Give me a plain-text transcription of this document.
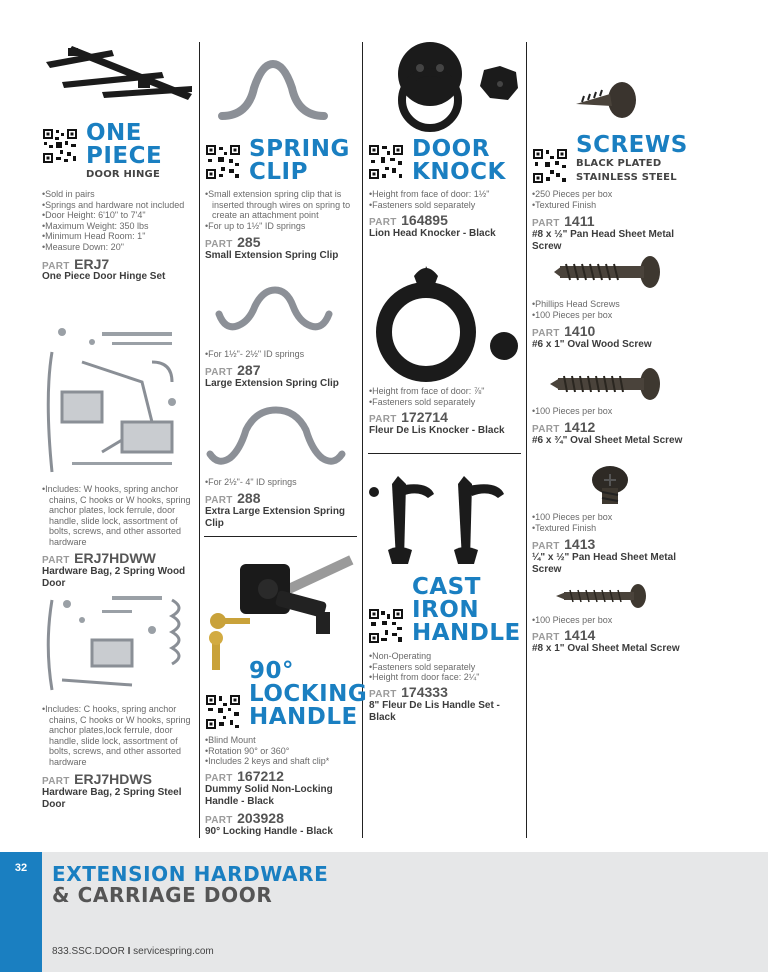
ONE
PIECE
DOOR HINGE
• Sold in pairs
• Springs and hardware not included
• Door Height: 6'10" to 7'4"
• Maximum Weight: 350 lbs
• Minimum Head Room: 1"
• Measure Down: 20"
PART ERJ7
One Piece Door Hinge Set
• Includes: W hooks, spring anchor chains, C hooks or W hooks, spring anchor plates, lock ferrule, door handle, slide lock, assortment of bolts, screws, and other assorted hardware
PART ERJ7HDWW
Hardware Bag, 2 Spring Wood Door
• Includes: C hooks, spring anchor chains, C hooks or W hooks, spring anchor plates,lock ferrule, door handle, slide lock, assortment of bolts, screws, and other assorted hardware
PART ERJ7HDWS
Hardware Bag, 2 Spring Steel Door
SPRING
CLIP
• Small extension spring clip that is inserted through wires on spring to create an attachment point
• For up to 1½" ID springs
PART 285
Small Extension Spring Clip
• For 1½"- 2½" ID springs
PART 287
Large Extension Spring Clip
• For 2½"- 4" ID springs
PART 288
Extra Large Extension Spring Clip
90°
LOCKING
HANDLE
• Blind Mount
• Rotation 90° or 360°
• Includes 2 keys and shaft clip*
PART 167212
Dummy Solid Non-Locking Handle - Black
PART 203928
90° Locking Handle - Black
DOOR
KNOCK
• Height from face of door: 1½"
• Fasteners sold separately
PART 164895
Lion Head Knocker - Black
• Height from face of door: ⅞"
• Fasteners sold separately
PART 172714
Fleur De Lis Knocker - Black
CAST
IRON
HANDLE
• Non-Operating
• Fasteners sold separately
• Height from door face: 2¼"
PART 174333
8" Fleur De Lis Handle Set - Black
SCREWS
BLACK PLATED
STAINLESS STEEL
• 250 Pieces per box
• Textured Finish
PART 1411
#8 x ½" Pan Head Sheet Metal Screw
• Phillips Head Screws
• 100 Pieces per box
PART 1410
#6 x 1" Oval Wood Screw
• 100 Pieces per box
PART 1412
#6 x ¾" Oval Sheet Metal Screw
• 100 Pieces per box
• Textured Finish
PART 1413
¼" x ½" Pan Head Sheet Metal Screw
• 100 Pieces per box
PART 1414
#8 x 1" Oval Sheet Metal Screw
32	EXTENSION HARDWARE
& CARRIAGE DOOR
833.SSC.DOOR I servicespring.com
